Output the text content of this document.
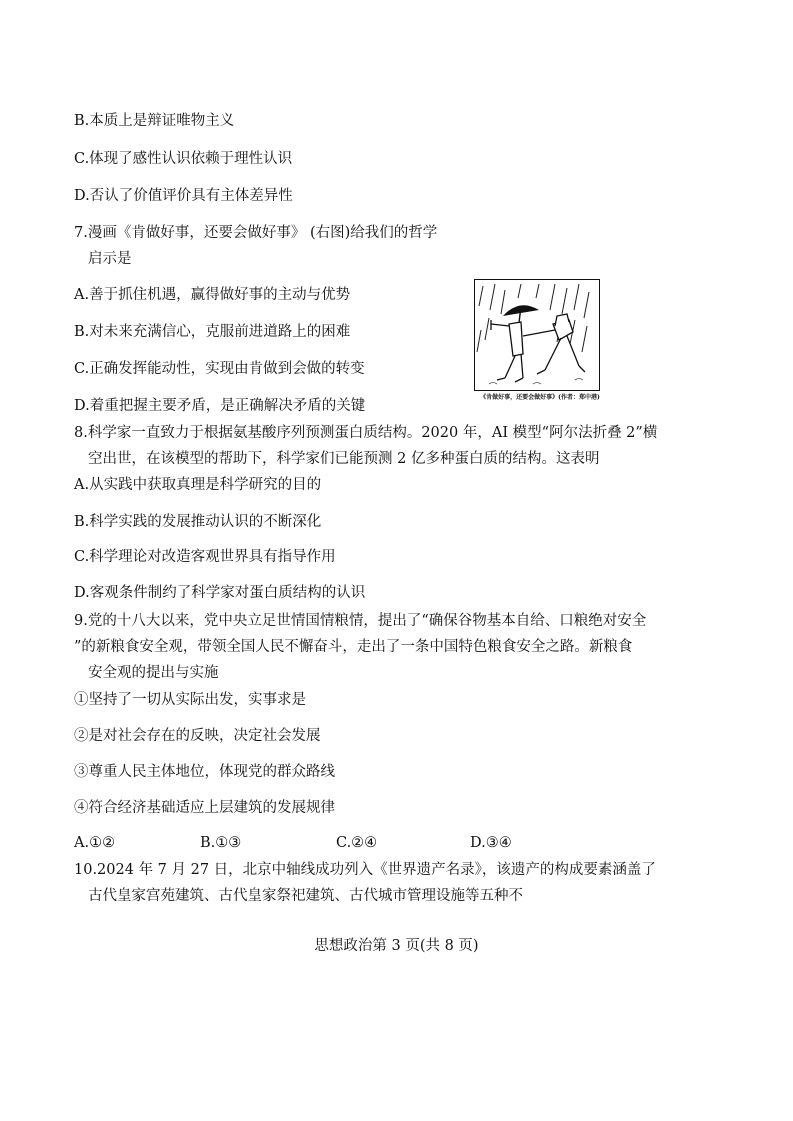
B.本质上是辩证唯物主义
C.体现了感性认识依赖于理性认识
D.否认了价值评价具有主体差异性
7.漫画《肯做好事，还要会做好事》 (右图)给我们的哲学
启示是
A.善于抓住机遇，赢得做好事的主动与优势
B.对未来充满信心，克服前进道路上的困难
C.正确发挥能动性，实现由肯做到会做的转变
D.着重把握主要矛盾，是正确解决矛盾的关键
《肯做好事，还要会做好事》(作者：郑中港)
8.科学家一直致力于根据氨基酸序列预测蛋白质结构。2020 年，AI 模型“阿尔法折叠 2”横
空出世，在该模型的帮助下，科学家们已能预测 2 亿多种蛋白质的结构。这表明
A.从实践中获取真理是科学研究的目的
B.科学实践的发展推动认识的不断深化
C.科学理论对改造客观世界具有指导作用
D.客观条件制约了科学家对蛋白质结构的认识
9.党的十八大以来，党中央立足世情国情粮情，提出了“确保谷物基本自给、口粮绝对安全
”的新粮食安全观，带领全国人民不懈奋斗，走出了一条中国特色粮食安全之路。新粮食
安全观的提出与实施
①坚持了一切从实际出发，实事求是
②是对社会存在的反映，决定社会发展
③尊重人民主体地位，体现党的群众路线
④符合经济基础适应上层建筑的发展规律
A.①②	B.①③	C.②④	D.③④
10.2024 年 7 月 27 日，北京中轴线成功列入《世界遗产名录》，该遗产的构成要素涵盖了
古代皇家宫苑建筑、古代皇家祭祀建筑、古代城市管理设施等五种不
思想政治第 3 页(共 8 页)
